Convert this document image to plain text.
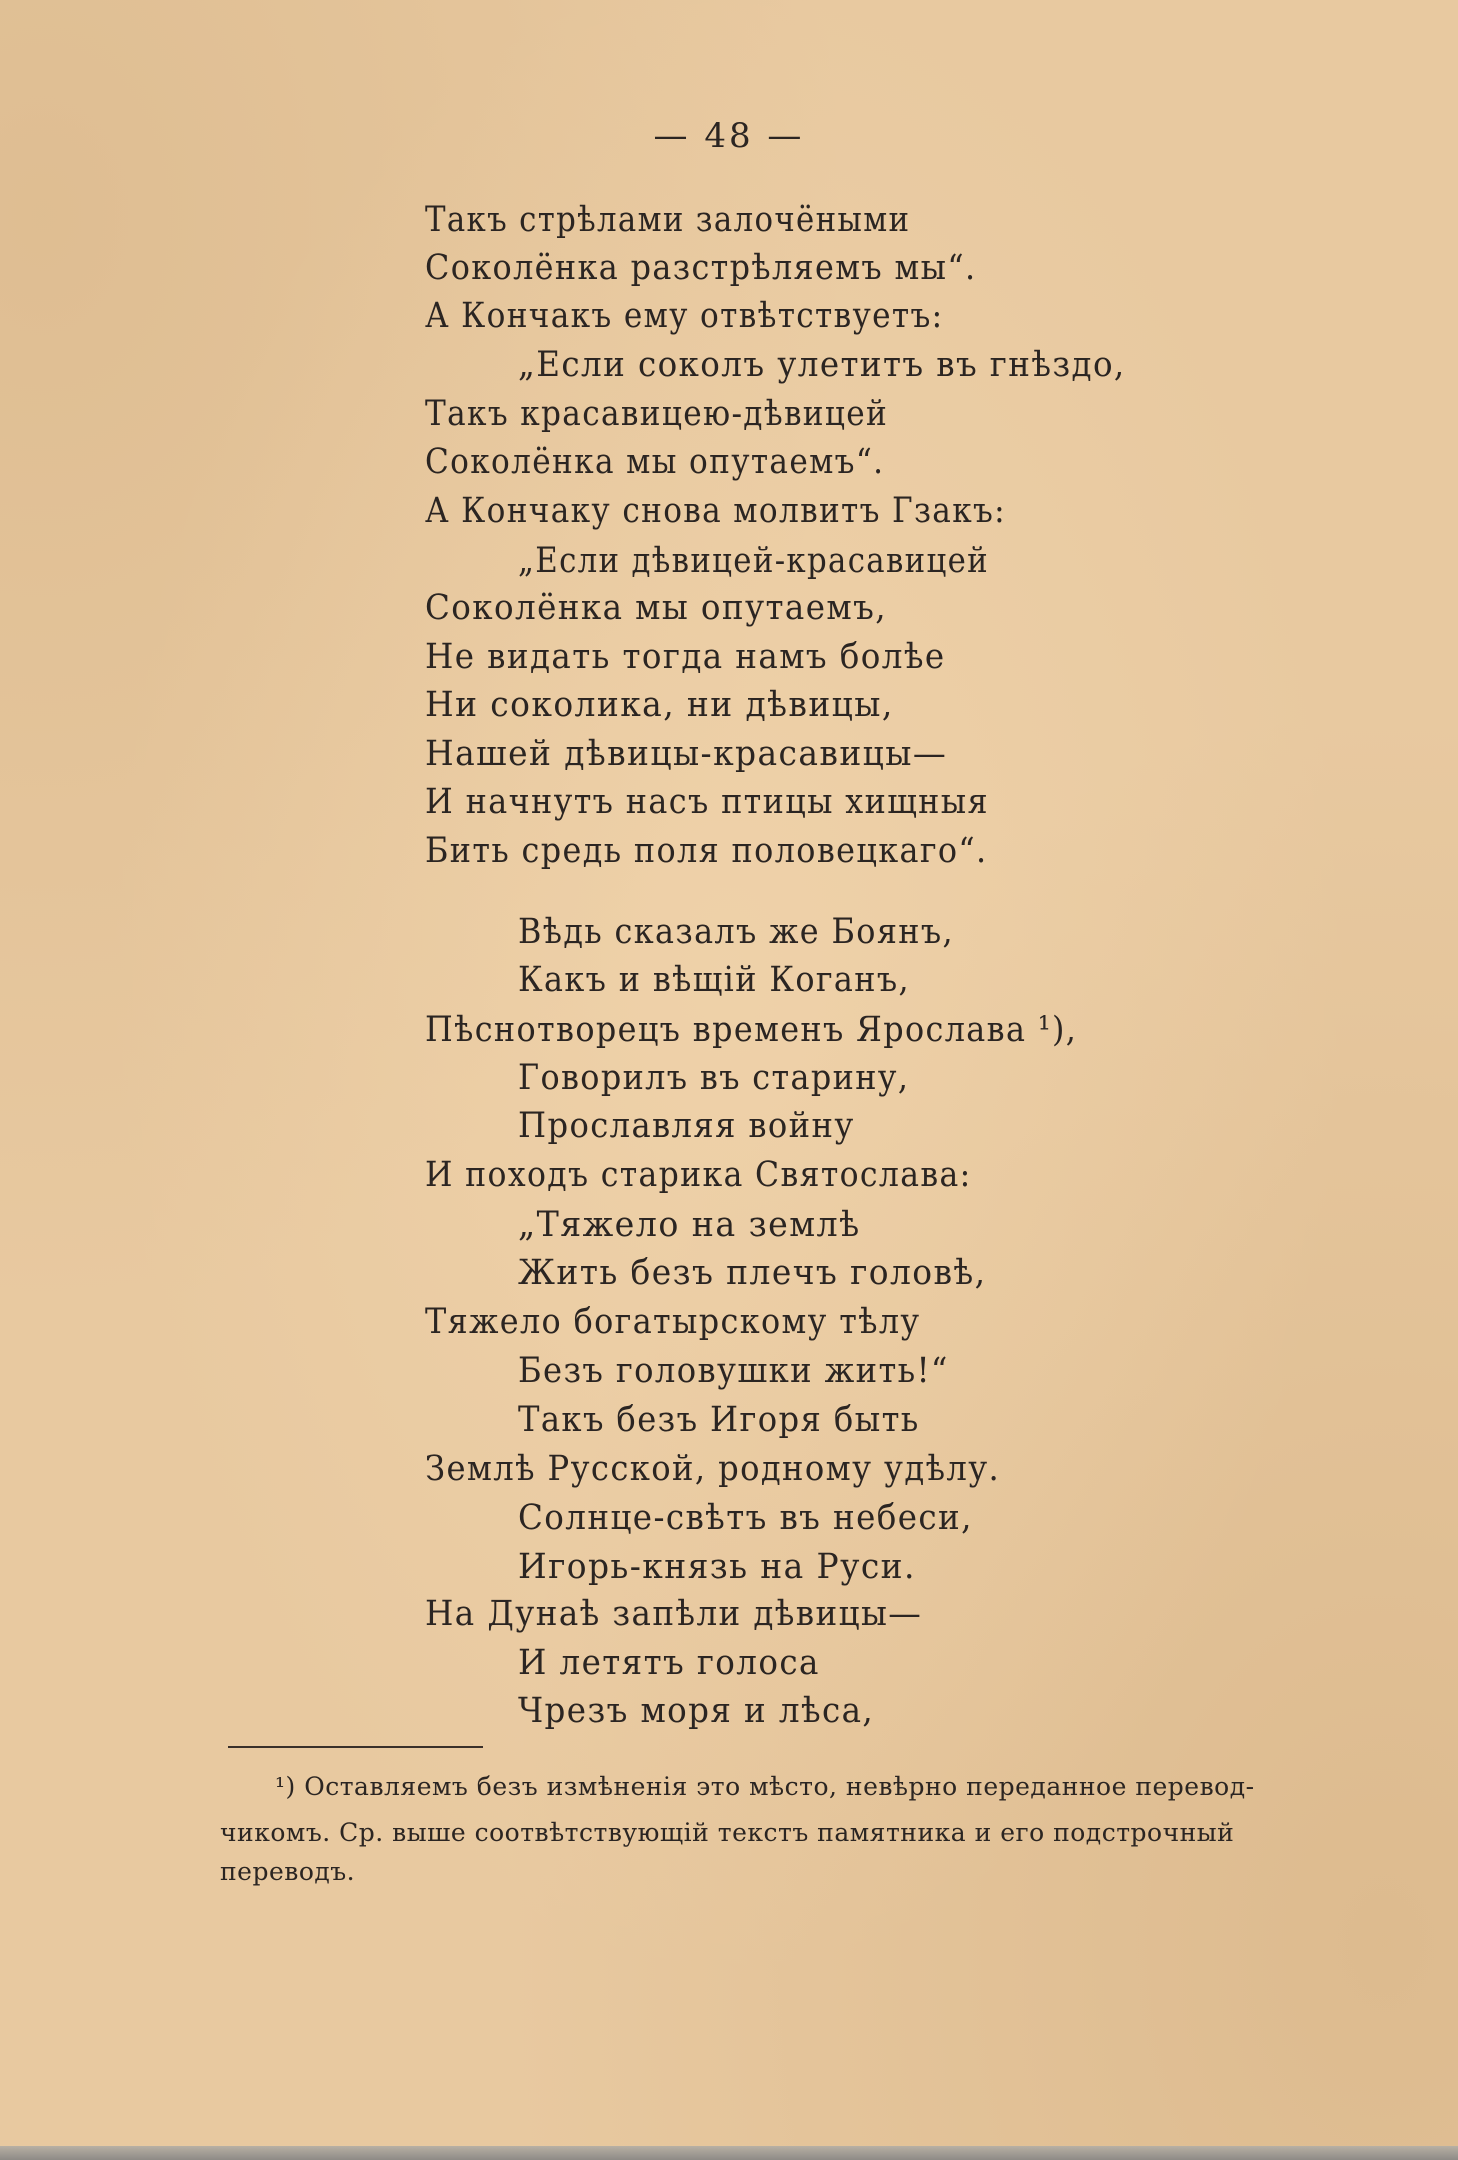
— 48 —
Такъ стрѣлами залочёными
Соколёнка разстрѣляемъ мы“.
А Кончакъ ему отвѣтствуетъ:
„Если соколъ улетитъ въ гнѣздо,
Такъ красавицею-дѣвицей
Соколёнка мы опутаемъ“.
А Кончаку снова молвитъ Гзакъ:
„Если дѣвицей-красавицей
Соколёнка мы опутаемъ,
Не видать тогда намъ болѣе
Ни соколика, ни дѣвицы,
Нашей дѣвицы-красавицы—
И начнутъ насъ птицы хищныя
Бить средь поля половецкаго“.
Вѣдь сказалъ же Боянъ,
Какъ и вѣщій Коганъ,
Пѣснотворецъ временъ Ярослава ¹),
Говорилъ въ старину,
Прославляя войну
И походъ старика Святослава:
„Тяжело на землѣ
Жить безъ плечъ головѣ,
Тяжело богатырскому тѣлу
Безъ головушки жить!“
Такъ безъ Игоря быть
Землѣ Русской, родному удѣлу.
Солнце-свѣтъ въ небеси,
Игорь-князь на Руси.
На Дунаѣ запѣли дѣвицы—
И летятъ голоса
Чрезъ моря и лѣса,
¹) Оставляемъ безъ измѣненія это мѣсто, невѣрно переданное перевод-
чикомъ. Ср. выше соотвѣтствующій текстъ памятника и его подстрочный
переводъ.
